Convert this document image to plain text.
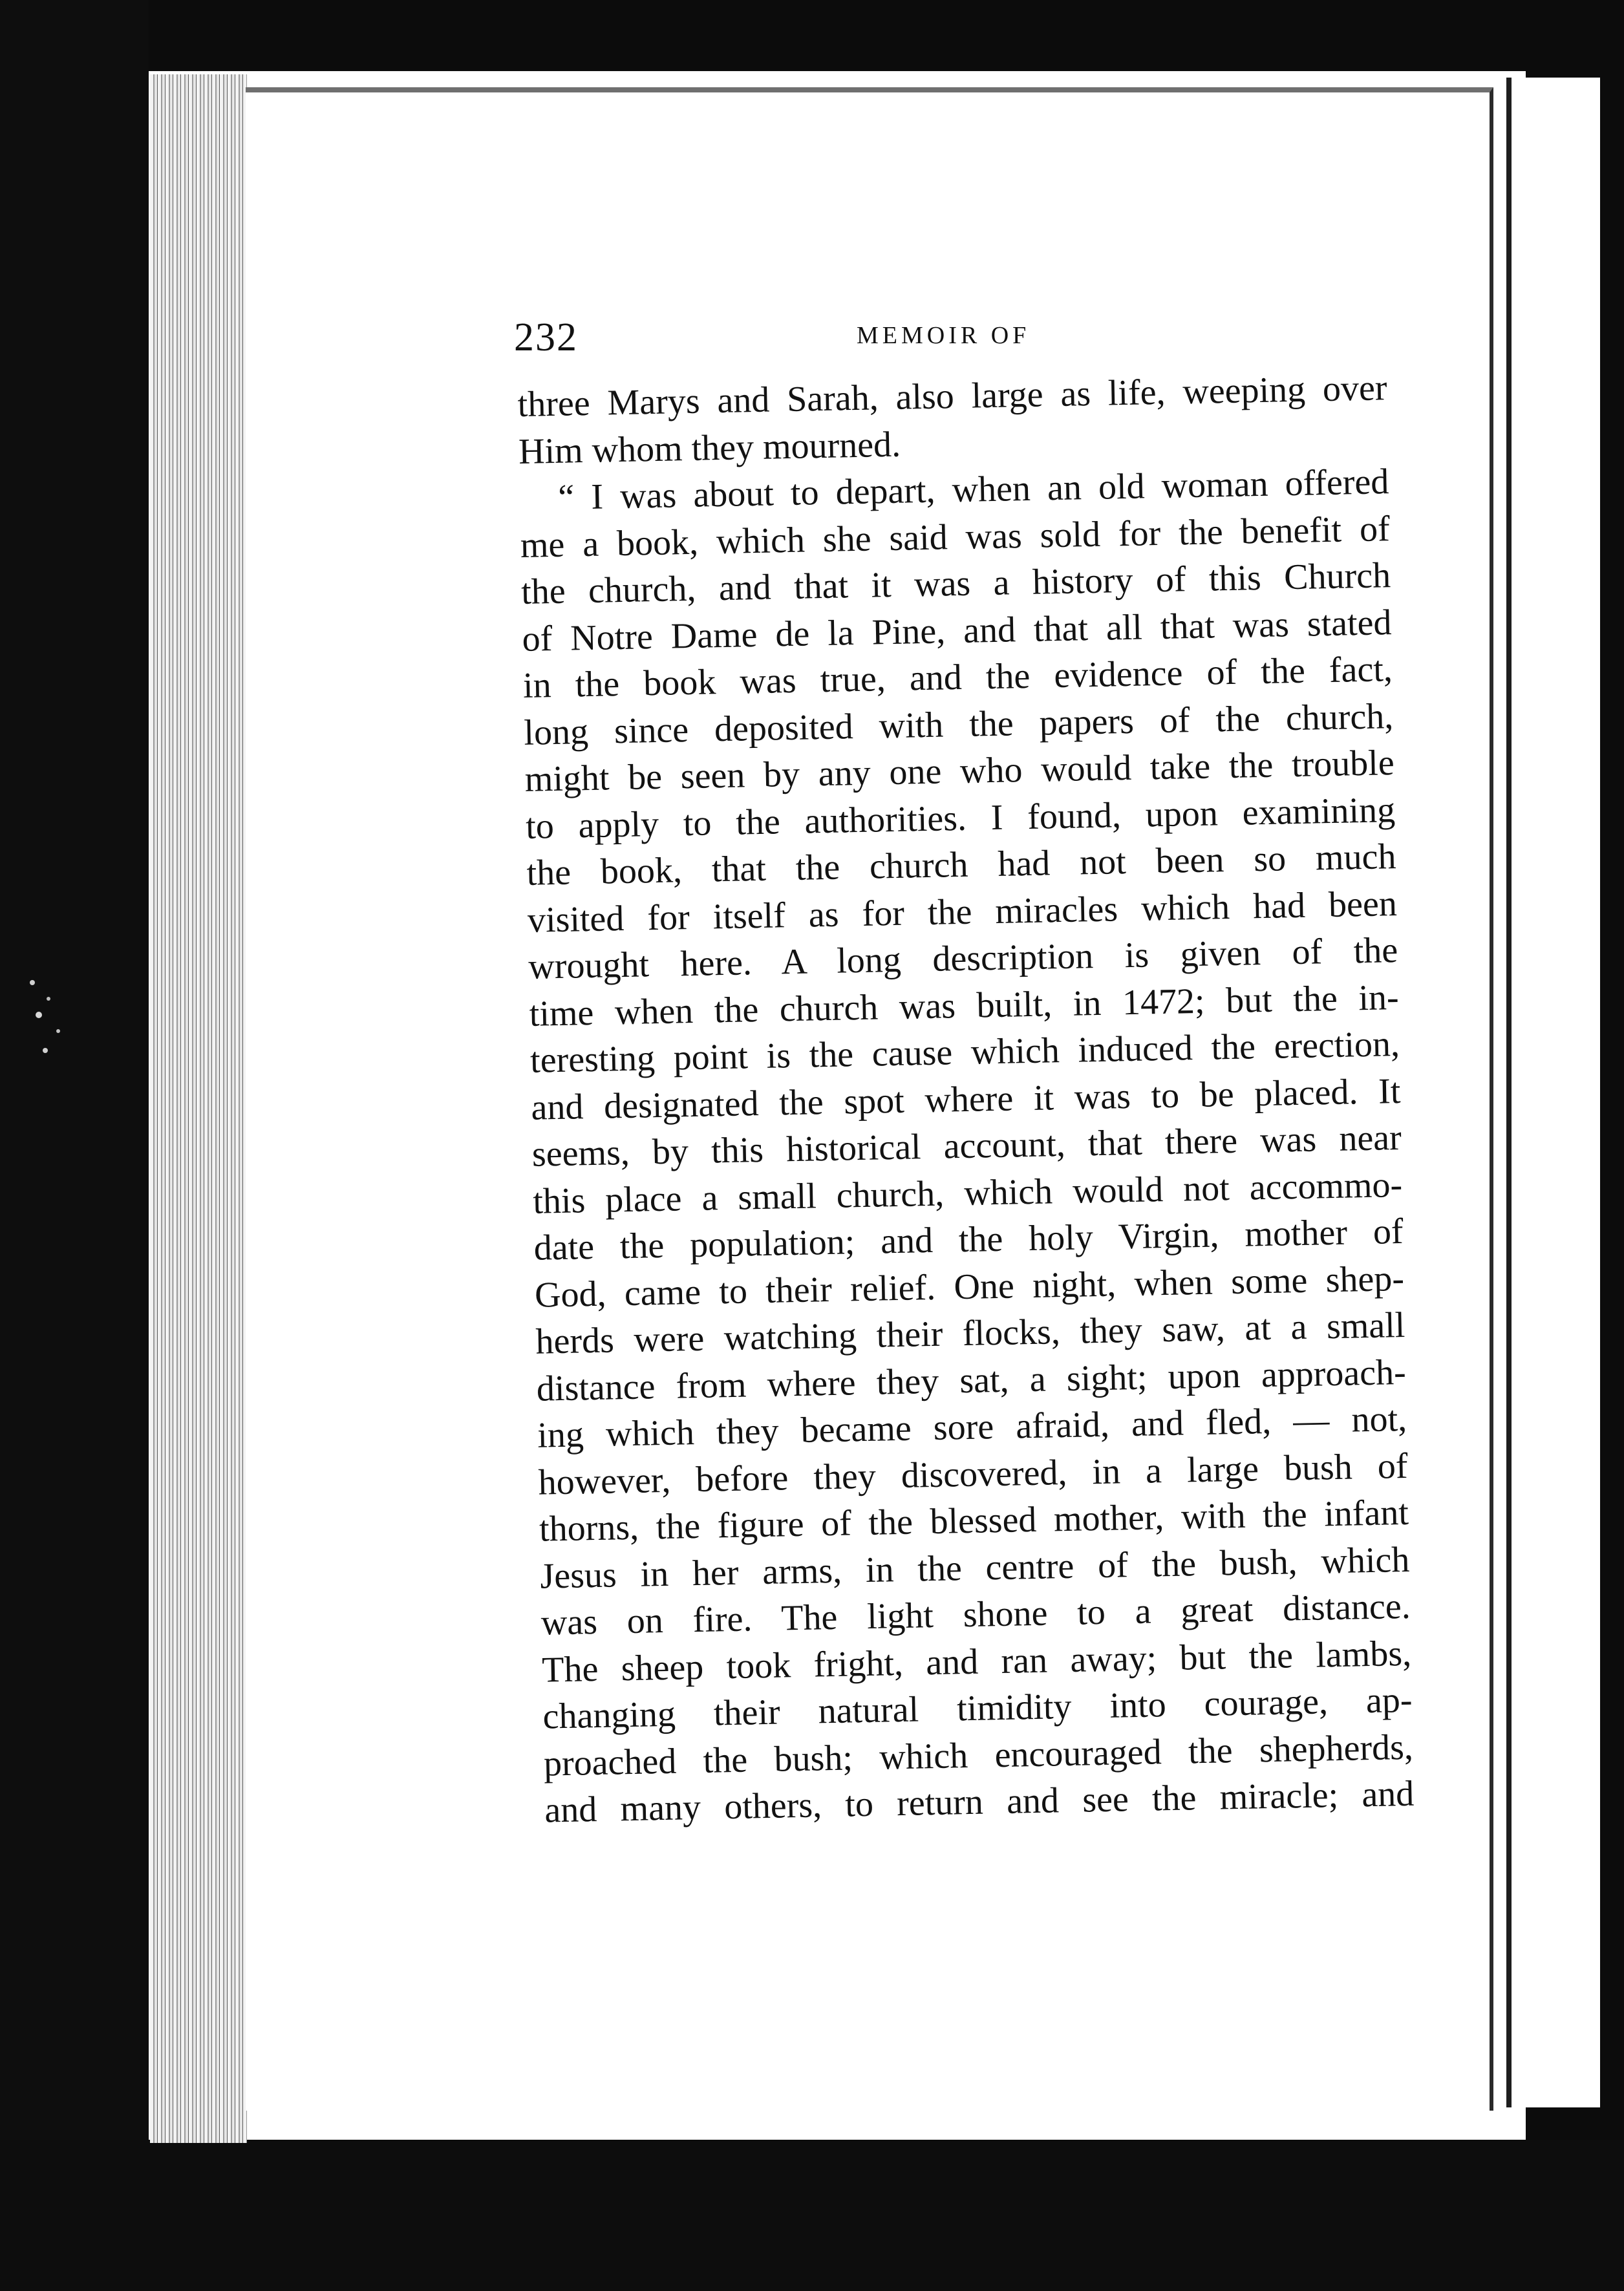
232	MEMOIR OF
three Marys and Sarah, also large as life, weeping over
Him whom they mourned.
“ I was about to depart, when an old woman offered
me a book, which she said was sold for the benefit of
the church, and that it was a history of this Church
of Notre Dame de la Pine, and that all that was stated
in the book was true, and the evidence of the fact,
long since deposited with the papers of the church,
might be seen by any one who would take the trouble
to apply to the authorities. I found, upon examining
the book, that the church had not been so much
visited for itself as for the miracles which had been
wrought here. A long description is given of the
time when the church was built, in 1472; but the in-
teresting point is the cause which induced the erection,
and designated the spot where it was to be placed. It
seems, by this historical account, that there was near
this place a small church, which would not accommo-
date the population; and the holy Virgin, mother of
God, came to their relief. One night, when some shep-
herds were watching their flocks, they saw, at a small
distance from where they sat, a sight; upon approach-
ing which they became sore afraid, and fled, — not,
however, before they discovered, in a large bush of
thorns, the figure of the blessed mother, with the infant
Jesus in her arms, in the centre of the bush, which
was on fire. The light shone to a great distance.
The sheep took fright, and ran away; but the lambs,
changing their natural timidity into courage, ap-
proached the bush; which encouraged the shepherds,
and many others, to return and see the miracle; and
